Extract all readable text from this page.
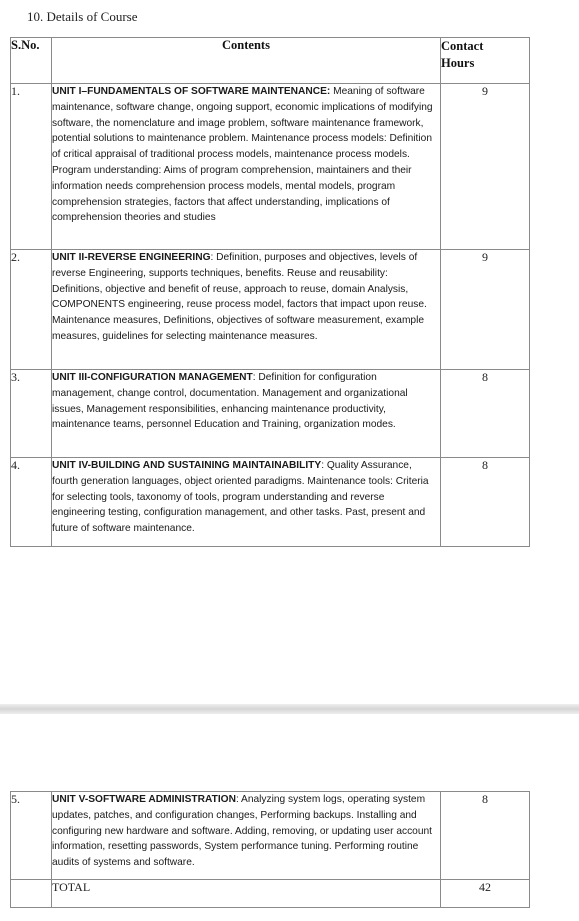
10. Details of Course
S.No.	Contents	Contact
Hours
1.	UNIT I–FUNDAMENTALS OF SOFTWARE MAINTENANCE: Meaning of software maintenance, software change, ongoing support, economic implications of modifying software, the nomenclature and image problem, software maintenance framework, potential solutions to maintenance problem. Maintenance process models: Definition of critical appraisal of traditional process models, maintenance process models. Program understanding: Aims of program comprehension, maintainers and their information needs comprehension process models, mental models, program comprehension strategies, factors that affect understanding, implications of comprehension theories and studies	9
2.	UNIT II-REVERSE ENGINEERING: Definition, purposes and objectives, levels of reverse Engineering, supports techniques, benefits. Reuse and reusability: Definitions, objective and benefit of reuse, approach to reuse, domain Analysis, COMPONENTS engineering, reuse process model, factors that impact upon reuse. Maintenance measures, Definitions, objectives of software measurement, example measures, guidelines for selecting maintenance measures.	9
3.	UNIT III-CONFIGURATION MANAGEMENT: Definition for configuration management, change control, documentation. Management and organizational issues, Management responsibilities, enhancing maintenance productivity, maintenance teams, personnel Education and Training, organization modes.	8
4.	UNIT IV-BUILDING AND SUSTAINING MAINTAINABILITY: Quality Assurance, fourth generation languages, object oriented paradigms. Maintenance tools: Criteria for selecting tools, taxonomy of tools, program understanding and reverse engineering testing, configuration management, and other tasks. Past, present and future of software maintenance.	8
5.	UNIT V-SOFTWARE ADMINISTRATION: Analyzing system logs, operating system updates, patches, and configuration changes, Performing backups. Installing and configuring new hardware and software. Adding, removing, or updating user account information, resetting passwords, System performance tuning. Performing routine audits of systems and software.	8
	TOTAL	42
